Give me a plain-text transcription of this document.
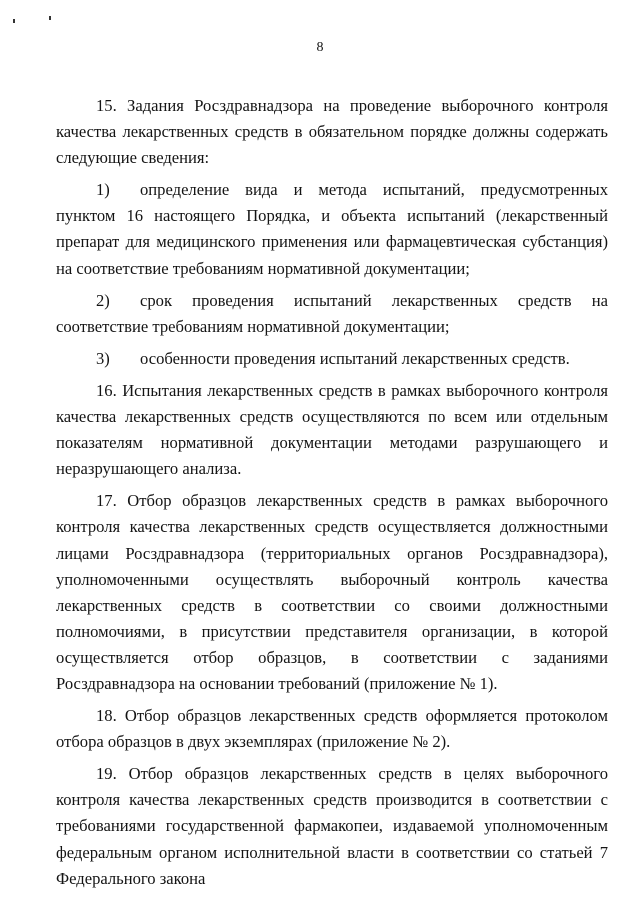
8

15. Задания Росздравнадзора на проведение выборочного контроля качества лекарственных средств в обязательном порядке должны содержать следующие сведения:

1) определение вида и метода испытаний, предусмотренных пунктом 16 настоящего Порядка, и объекта испытаний (лекарственный препарат для медицинского применения или фармацевтическая субстанция) на соответствие требованиям нормативной документации;

2) срок проведения испытаний лекарственных средств на соответствие требованиям нормативной документации;

3) особенности проведения испытаний лекарственных средств.

16. Испытания лекарственных средств в рамках выборочного контроля качества лекарственных средств осуществляются по всем или отдельным показателям нормативной документации методами разрушающего и неразрушающего анализа.

17. Отбор образцов лекарственных средств в рамках выборочного контроля качества лекарственных средств осуществляется должностными лицами Росздравнадзора (территориальных органов Росздравнадзора), уполномоченными осуществлять выборочный контроль качества лекарственных средств в соответствии со своими должностными полномочиями, в присутствии представителя организации, в которой осуществляется отбор образцов, в соответствии с заданиями Росздравнадзора на основании требований (приложение № 1).

18. Отбор образцов лекарственных средств оформляется протоколом отбора образцов в двух экземплярах (приложение № 2).

19. Отбор образцов лекарственных средств в целях выборочного контроля качества лекарственных средств производится в соответствии с требованиями государственной фармакопеи, издаваемой уполномоченным федеральным органом исполнительной власти в соответствии со статьей 7 Федерального закона
